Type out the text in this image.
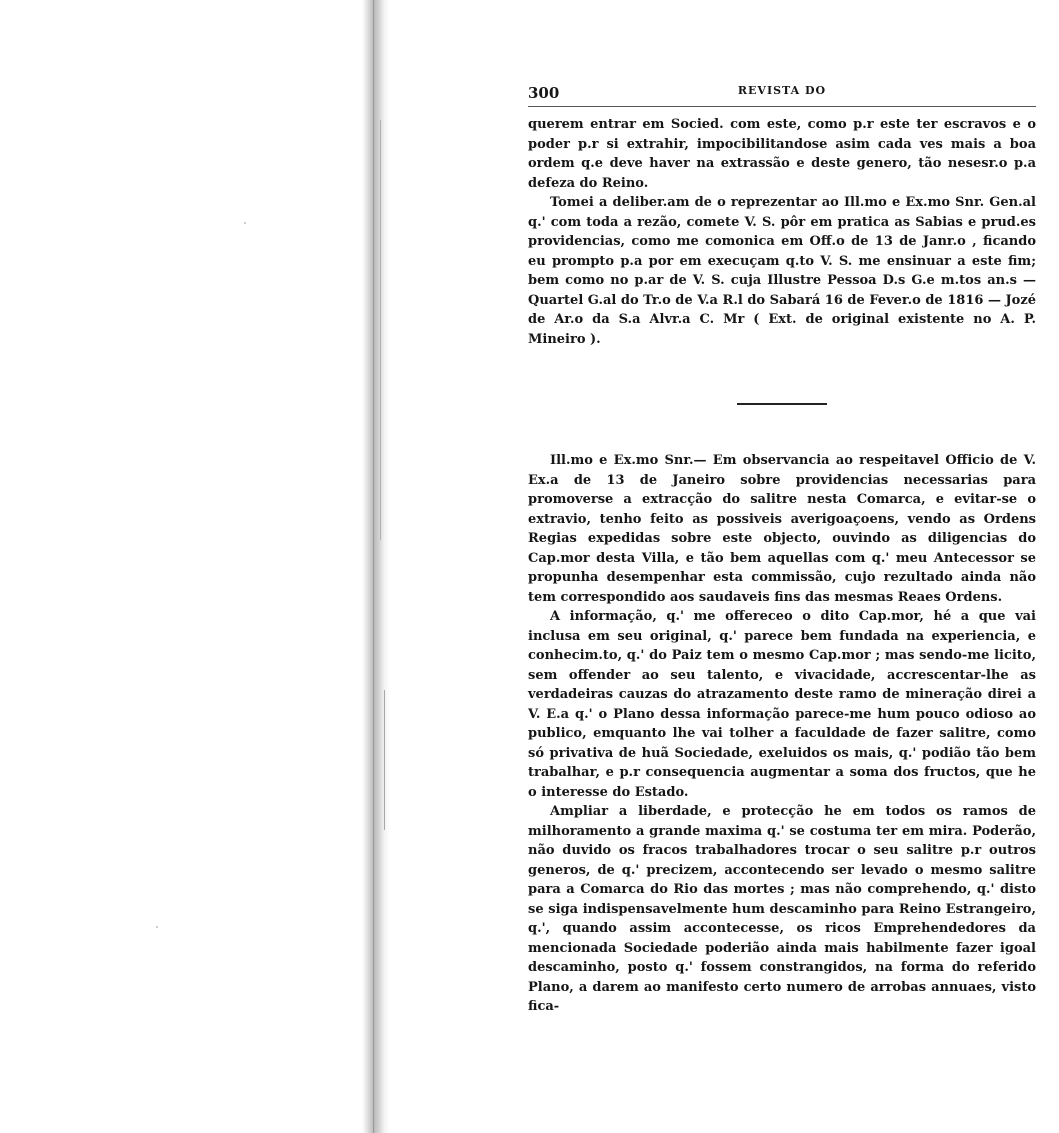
300	REVISTA DO

querem entrar em Socied. com este, como p.r este ter escravos e o poder p.r si extrahir, impocibilitandose asim cada ves mais a boa ordem q.e deve haver na extrassão e deste genero, tão nesesr.o p.a defeza do Reino.

Tomei a deliber.am de o reprezentar ao Ill.mo e Ex.mo Snr. Gen.al q.' com toda a rezão, comete V. S. pôr em pratica as Sabias e prud.es providencias, como me comonica em Off.o de 13 de Janr.o , ficando eu prompto p.a por em execuçam q.to V. S. me ensinuar a este fim; bem como no p.ar de V. S. cuja Illustre Pessoa D.s G.e m.tos an.s — Quartel G.al do Tr.o de V.a R.l do Sabará 16 de Fever.o de 1816 — Jozé de Ar.o da S.a Alvr.a C. Mr ( Ext. de original existente no A. P. Mineiro ).

Ill.mo e Ex.mo Snr.— Em observancia ao respeitavel Officio de V. Ex.a de 13 de Janeiro sobre providencias necessarias para promoverse a extracção do salitre nesta Comarca, e evitar-se o extravio, tenho feito as possiveis averigoaçoens, vendo as Ordens Regias expedidas sobre este objecto, ouvindo as diligencias do Cap.mor desta Villa, e tão bem aquellas com q.' meu Antecessor se propunha desempenhar esta commissão, cujo rezultado ainda não tem correspondido aos saudaveis fins das mesmas Reaes Ordens.

A informação, q.' me offereceo o dito Cap.mor, hé a que vai inclusa em seu original, q.' parece bem fundada na experiencia, e conhecim.to, q.' do Paiz tem o mesmo Cap.mor ; mas sendo-me licito, sem offender ao seu talento, e vivacidade, accrescentar-lhe as verdadeiras cauzas do atrazamento deste ramo de mineração direi a V. E.a q.' o Plano dessa informação parece-me hum pouco odioso ao publico, emquanto lhe vai tolher a faculdade de fazer salitre, como só privativa de huã Sociedade, exeluidos os mais, q.' podião tão bem trabalhar, e p.r consequencia augmentar a soma dos fructos, que he o interesse do Estado.

Ampliar a liberdade, e protecção he em todos os ramos de milhoramento a grande maxima q.' se costuma ter em mira. Poderão, não duvido os fracos trabalhadores trocar o seu salitre p.r outros generos, de q.' precizem, accontecendo ser levado o mesmo salitre para a Comarca do Rio das mortes ; mas não comprehendo, q.' disto se siga indispensavelmente hum descaminho para Reino Estrangeiro, q.', quando assim accontecesse, os ricos Emprehendedores da mencionada Sociedade poderião ainda mais habilmente fazer igoal descaminho, posto q.' fossem constrangidos, na forma do referido Plano, a darem ao manifesto certo numero de arrobas annuaes, visto fica-
